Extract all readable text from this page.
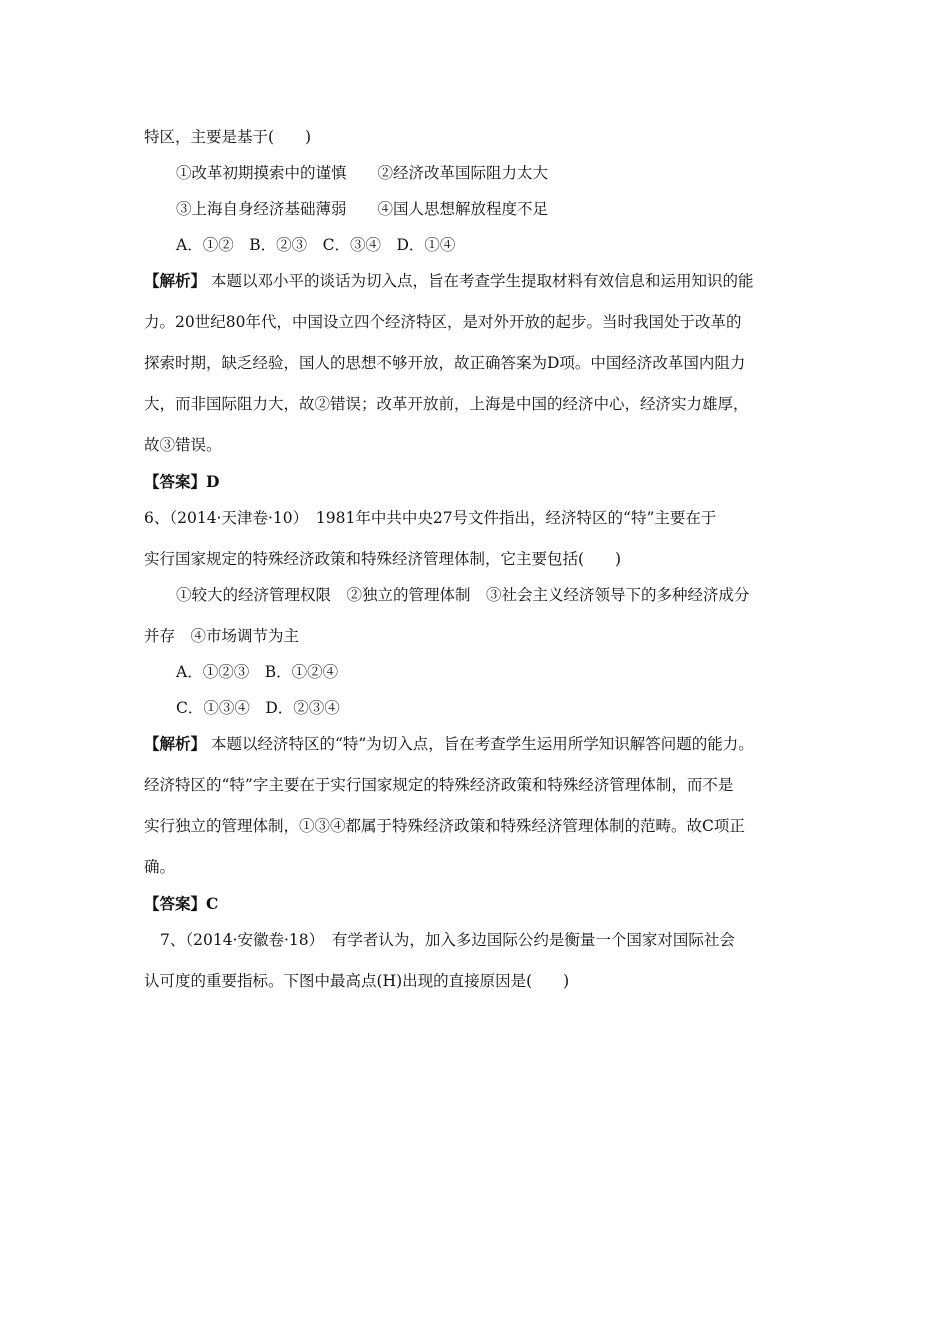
特区，主要是基于(　　)
①改革初期摸索中的谨慎　　②经济改革国际阻力太大
③上海自身经济基础薄弱　　④国人思想解放程度不足
A．①②　B．②③　C．③④　D．①④
【解析】 本题以邓小平的谈话为切入点，旨在考查学生提取材料有效信息和运用知识的能
力。20世纪80年代，中国设立四个经济特区，是对外开放的起步。当时我国处于改革的
探索时期，缺乏经验，国人的思想不够开放，故正确答案为D项。中国经济改革国内阻力
大，而非国际阻力大，故②错误；改革开放前，上海是中国的经济中心，经济实力雄厚，
故③错误。
【答案】D
6、（2014·天津卷·10）　1981年中共中央27号文件指出，经济特区的“特”主要在于
实行国家规定的特殊经济政策和特殊经济管理体制，它主要包括(　　)
①较大的经济管理权限　②独立的管理体制　③社会主义经济领导下的多种经济成分
并存　④市场调节为主
A．①②③　B．①②④
C．①③④　D．②③④
【解析】 本题以经济特区的“特”为切入点，旨在考查学生运用所学知识解答问题的能力。
经济特区的“特”字主要在于实行国家规定的特殊经济政策和特殊经济管理体制，而不是
实行独立的管理体制，①③④都属于特殊经济政策和特殊经济管理体制的范畴。故C项正
确。
【答案】C
7、（2014·安徽卷·18）　有学者认为，加入多边国际公约是衡量一个国家对国际社会
认可度的重要指标。下图中最高点(H)出现的直接原因是(　　)
